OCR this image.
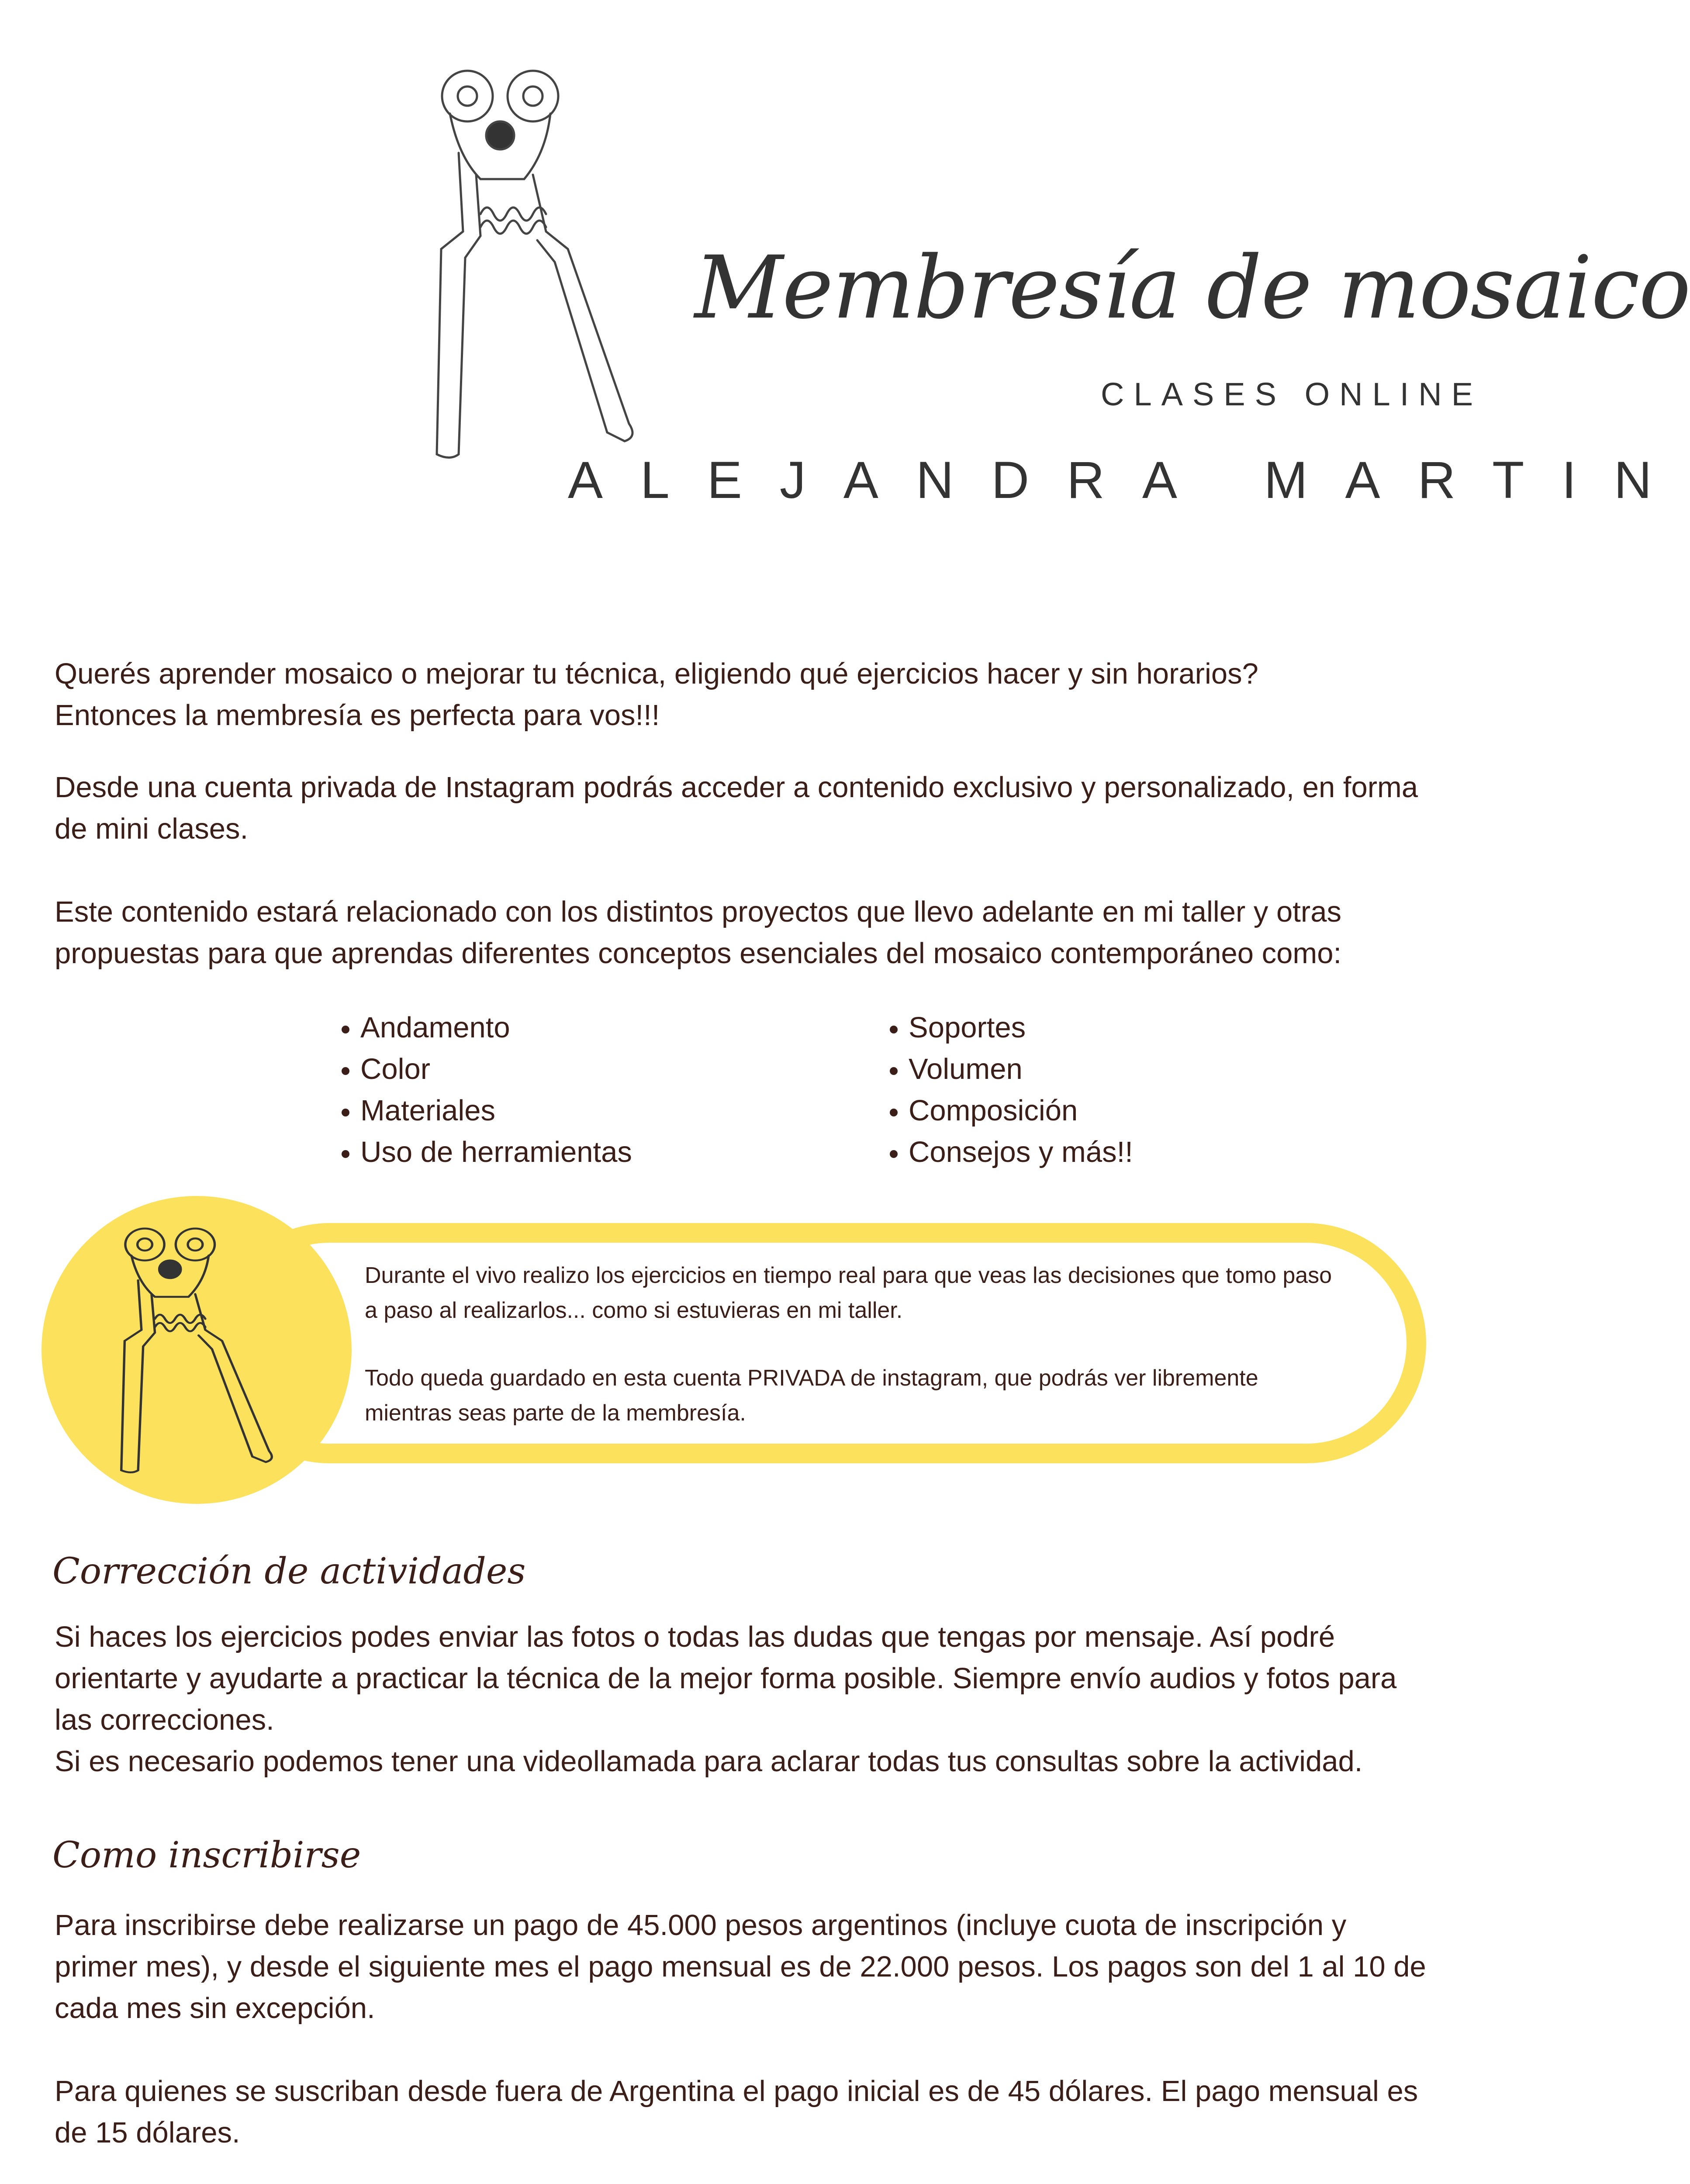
Membresía de mosaico
CLASES ONLINE
ALEJANDRA MARTIN
Querés aprender mosaico o mejorar tu técnica, eligiendo qué ejercicios hacer y sin horarios?
Entonces la membresía es perfecta para vos!!!

Desde una cuenta privada de Instagram podrás acceder a contenido exclusivo y personalizado, en forma de mini clases.

Este contenido estará relacionado con los distintos proyectos que llevo adelante en mi taller y otras propuestas para que aprendas diferentes conceptos esenciales del mosaico contemporáneo como:

• Andamento
• Color
• Materiales
• Uso de herramientas
• Soportes
• Volumen
• Composición
• Consejos y más!!
Durante el vivo realizo los ejercicios en tiempo real para que veas las decisiones que tomo paso a paso al realizarlos... como si estuvieras en mi taller.
Todo queda guardado en esta cuenta PRIVADA de instagram, que podrás ver libremente mientras seas parte de la membresía.
Corrección de actividades
Si haces los ejercicios podes enviar las fotos o todas las dudas que tengas por mensaje. Así podré orientarte y ayudarte a practicar la técnica de la mejor forma posible. Siempre envío audios y fotos para las correcciones.
Si es necesario podemos tener una videollamada para aclarar todas tus consultas sobre la actividad.
Como inscribirse

Para inscribirse debe realizarse un pago de 45.000 pesos argentinos (incluye cuota de inscripción y primer mes), y desde el siguiente mes el pago mensual es de 22.000 pesos. Los pagos son del 1 al 10 de cada mes sin excepción.

Para quienes se suscriban desde fuera de Argentina el pago inicial es de 45 dólares. El pago mensual es de 15 dólares.
